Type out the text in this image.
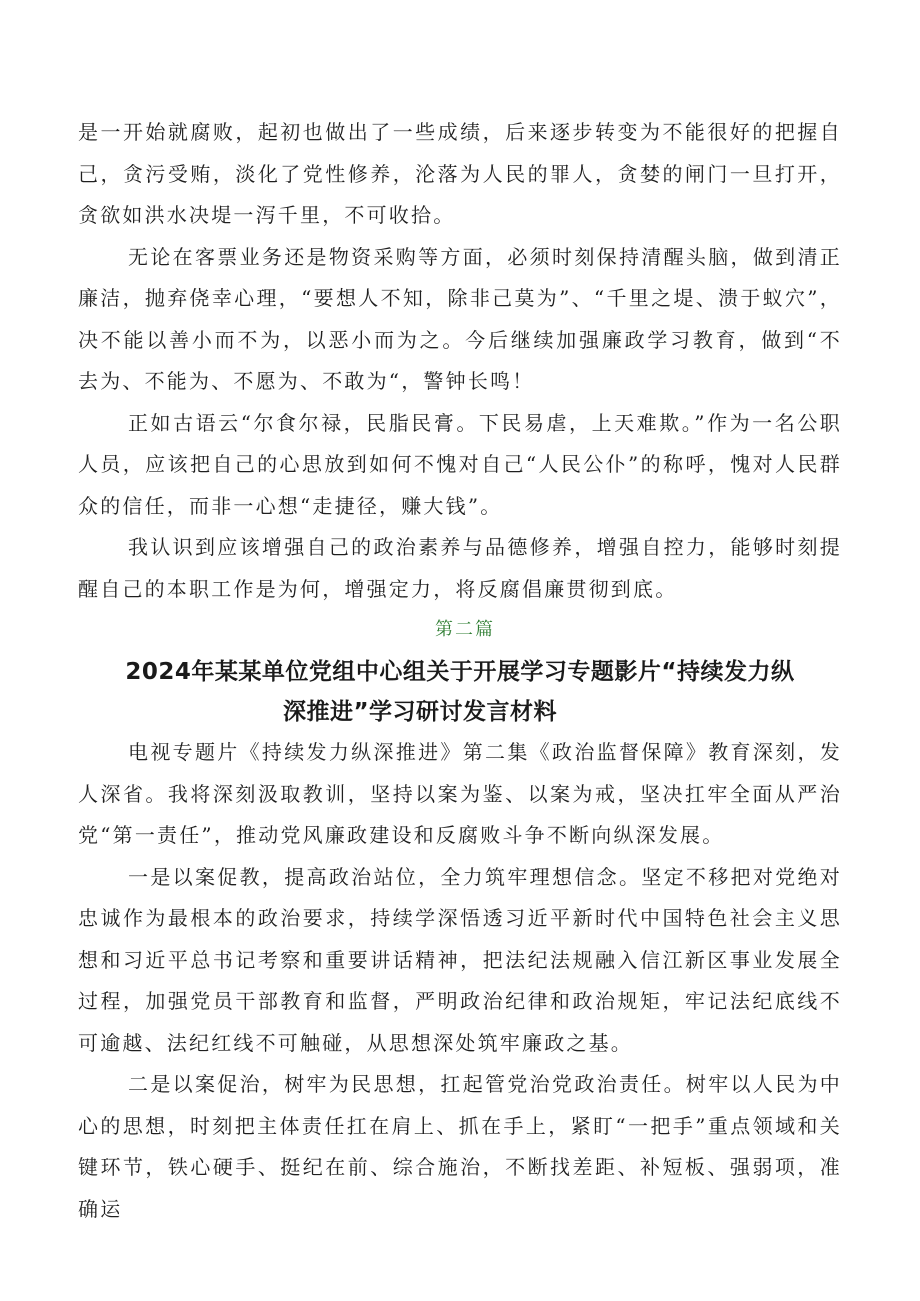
是一开始就腐败，起初也做出了一些成绩，后来逐步转变为不能很好的把握自己，贪污受贿，淡化了党性修养，沦落为人民的罪人，贪婪的闸门一旦打开，贪欲如洪水决堤一泻千里，不可收拾。

无论在客票业务还是物资采购等方面，必须时刻保持清醒头脑，做到清正廉洁，抛弃侥幸心理，“要想人不知，除非己莫为”、“千里之堤、溃于蚁穴”，决不能以善小而不为，以恶小而为之。今后继续加强廉政学习教育，做到“不去为、不能为、不愿为、不敢为“，警钟长鸣！

正如古语云“尔食尔禄，民脂民膏。下民易虐，上天难欺。”作为一名公职人员，应该把自己的心思放到如何不愧对自己“人民公仆”的称呼，愧对人民群众的信任，而非一心想“走捷径，赚大钱”。

我认识到应该增强自己的政治素养与品德修养，增强自控力，能够时刻提醒自己的本职工作是为何，增强定力，将反腐倡廉贯彻到底。

第二篇

2024年某某单位党组中心组关于开展学习专题影片“持续发力纵
深推进”学习研讨发言材料

电视专题片《持续发力纵深推进》第二集《政治监督保障》教育深刻，发人深省。我将深刻汲取教训，坚持以案为鉴、以案为戒，坚决扛牢全面从严治党“第一责任”，推动党风廉政建设和反腐败斗争不断向纵深发展。

一是以案促教，提高政治站位，全力筑牢理想信念。坚定不移把对党绝对忠诚作为最根本的政治要求，持续学深悟透习近平新时代中国特色社会主义思想和习近平总书记考察和重要讲话精神，把法纪法规融入信江新区事业发展全过程，加强党员干部教育和监督，严明政治纪律和政治规矩，牢记法纪底线不可逾越、法纪红线不可触碰，从思想深处筑牢廉政之基。

二是以案促治，树牢为民思想，扛起管党治党政治责任。树牢以人民为中心的思想，时刻把主体责任扛在肩上、抓在手上，紧盯“一把手”重点领域和关键环节，铁心硬手、挺纪在前、综合施治，不断找差距、补短板、强弱项，准确运
